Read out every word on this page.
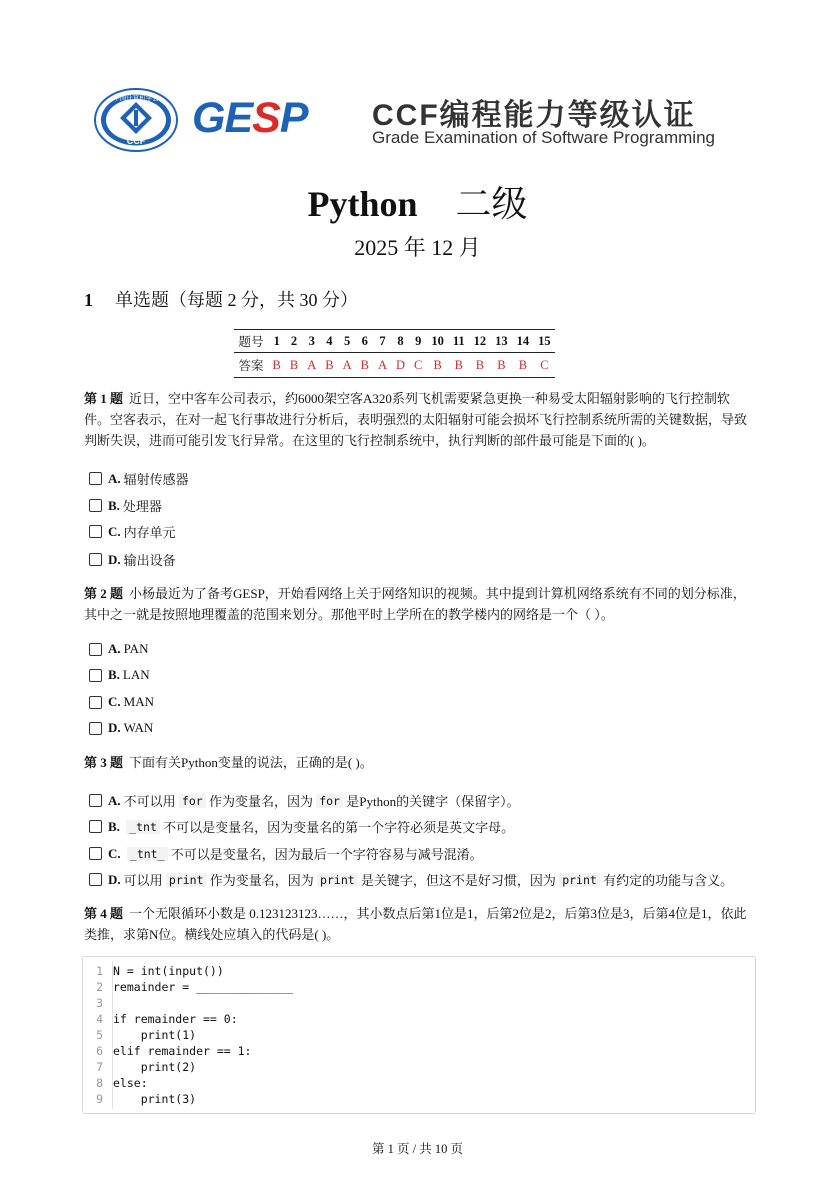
中国计算机学会
CCF GESP CCF编程能力等级认证
Grade Examination of Software Programming
Python 二级
2025 年 12 月
1 单选题（每题 2 分，共 30 分）
题号	1	2	3	4	5	6	7	8	9	10	11	12	13	14	15
答案	B	B	A	B	A	B	A	D	C	B	B	B	B	B	C
第 1 题 近日，空中客车公司表示，约6000架空客A320系列飞机需要紧急更换一种易受太阳辐射影响的飞行控制软件。空客表示，在对一起飞行事故进行分析后，表明强烈的太阳辐射可能会损坏飞行控制系统所需的关键数据，导致判断失误，进而可能引发飞行异常。在这里的飞行控制系统中，执行判断的部件最可能是下面的( )。
A. 辐射传感器
B. 处理器
C. 内存单元
D. 输出设备
第 2 题 小杨最近为了备考GESP，开始看网络上关于网络知识的视频。其中提到计算机网络系统有不同的划分标准，其中之一就是按照地理覆盖的范围来划分。那他平时上学所在的教学楼内的网络是一个（ ）。
A. PAN
B. LAN
C. MAN
D. WAN
第 3 题 下面有关Python变量的说法，正确的是( )。
A. 不可以用
for
作为变量名，因为
for
是Python的关键字（保留字）。
B.
_tnt
不可以是变量名，因为变量名的第一个字符必须是英文字母。
C.
_tnt_
不可以是变量名，因为最后一个字符容易与减号混淆。
D. 可以用
print
作为变量名，因为
print
是关键字，但这不是好习惯，因为
print
有约定的功能与含义。
第 4 题 一个无限循环小数是 0.123123123……，其小数点后第1位是1，后第2位是2，后第3位是3，后第4位是1，依此类推，求第N位。横线处应填入的代码是( )。
1 N = int(input())
2 remainder = ______________
3
4 if remainder == 0:
5    print(1)
6 elif remainder == 1:
7    print(2)
8 else:
9    print(3)
第 1 页 / 共 10 页
